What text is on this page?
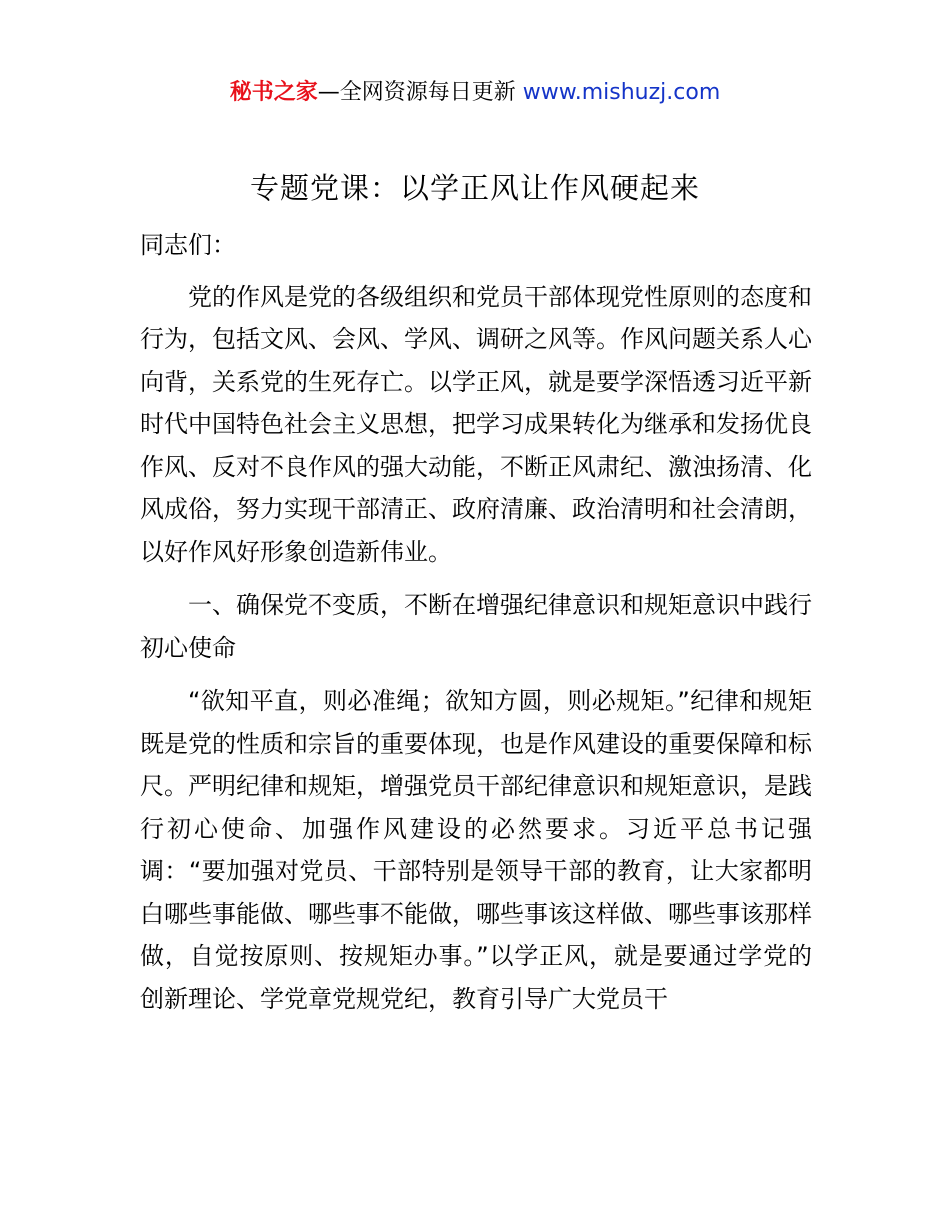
秘书之家—全网资源每日更新 www.mishuzj.com
专题党课：以学正风让作风硬起来

同志们：

党的作风是党的各级组织和党员干部体现党性原则的态度和行为，包括文风、会风、学风、调研之风等。作风问题关系人心向背，关系党的生死存亡。以学正风，就是要学深悟透习近平新时代中国特色社会主义思想，把学习成果转化为继承和发扬优良作风、反对不良作风的强大动能，不断正风肃纪、激浊扬清、化风成俗，努力实现干部清正、政府清廉、政治清明和社会清朗，以好作风好形象创造新伟业。

一、确保党不变质，不断在增强纪律意识和规矩意识中践行初心使命

“欲知平直，则必准绳；欲知方圆，则必规矩。”纪律和规矩既是党的性质和宗旨的重要体现，也是作风建设的重要保障和标尺。严明纪律和规矩，增强党员干部纪律意识和规矩意识，是践行初心使命、加强作风建设的必然要求。习近平总书记强调：“要加强对党员、干部特别是领导干部的教育，让大家都明白哪些事能做、哪些事不能做，哪些事该这样做、哪些事该那样做，自觉按原则、按规矩办事。”以学正风，就是要通过学党的创新理论、学党章党规党纪，教育引导广大党员干
